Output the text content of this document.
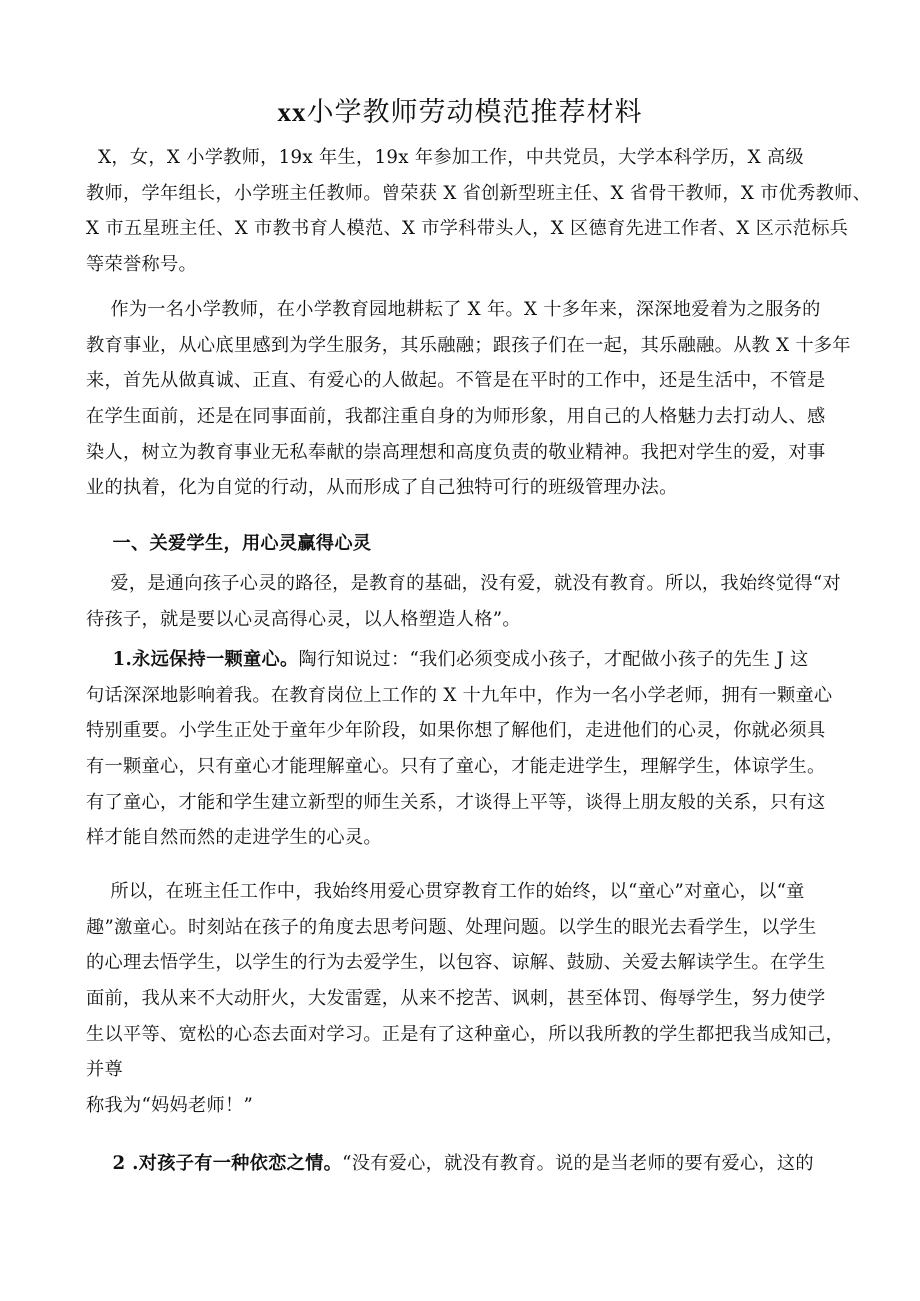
xx小学教师劳动模范推荐材料
X，女，X 小学教师，19x 年生，19x 年参加工作，中共党员，大学本科学历，X 高级
教师，学年组长，小学班主任教师。曾荣获 X 省创新型班主任、X 省骨干教师，X 市优秀教师、
X 市五星班主任、X 市教书育人模范、X 市学科带头人，X 区德育先进工作者、X 区示范标兵
等荣誉称号。
作为一名小学教师，在小学教育园地耕耘了 X 年。X 十多年来，深深地爱着为之服务的
教育事业，从心底里感到为学生服务，其乐融融；跟孩子们在一起，其乐融融。从教 X 十多年
来，首先从做真诚、正直、有爱心的人做起。不管是在平时的工作中，还是生活中，不管是
在学生面前，还是在同事面前，我都注重自身的为师形象，用自己的人格魅力去打动人、感
染人，树立为教育事业无私奉献的崇高理想和高度负责的敬业精神。我把对学生的爱，对事
业的执着，化为自觉的行动，从而形成了自己独特可行的班级管理办法。
一、关爱学生，用心灵赢得心灵
爱，是通向孩子心灵的路径，是教育的基础，没有爱，就没有教育。所以，我始终觉得“对
待孩子，就是要以心灵高得心灵，以人格塑造人格”。
1.永远保持一颗童心。陶行知说过：“我们必须变成小孩子，才配做小孩子的先生 J 这
句话深深地影响着我。在教育岗位上工作的 X 十九年中，作为一名小学老师，拥有一颗童心
特别重要。小学生正处于童年少年阶段，如果你想了解他们，走进他们的心灵，你就必须具
有一颗童心，只有童心才能理解童心。只有了童心，才能走进学生，理解学生，体谅学生。
有了童心，才能和学生建立新型的师生关系，才谈得上平等，谈得上朋友般的关系，只有这
样才能自然而然的走进学生的心灵。
所以，在班主任工作中，我始终用爱心贯穿教育工作的始终，以“童心”对童心，以“童
趣”激童心。时刻站在孩子的角度去思考问题、处理问题。以学生的眼光去看学生，以学生
的心理去悟学生，以学生的行为去爱学生，以包容、谅解、鼓励、关爱去解读学生。在学生
面前，我从来不大动肝火，大发雷霆，从来不挖苦、讽刺，甚至体罚、侮辱学生，努力使学
生以平等、宽松的心态去面对学习。正是有了这种童心，所以我所教的学生都把我当成知己，
并尊
称我为“妈妈老师！”
2 .对孩子有一种依恋之情。“没有爱心，就没有教育。说的是当老师的要有爱心，这的
